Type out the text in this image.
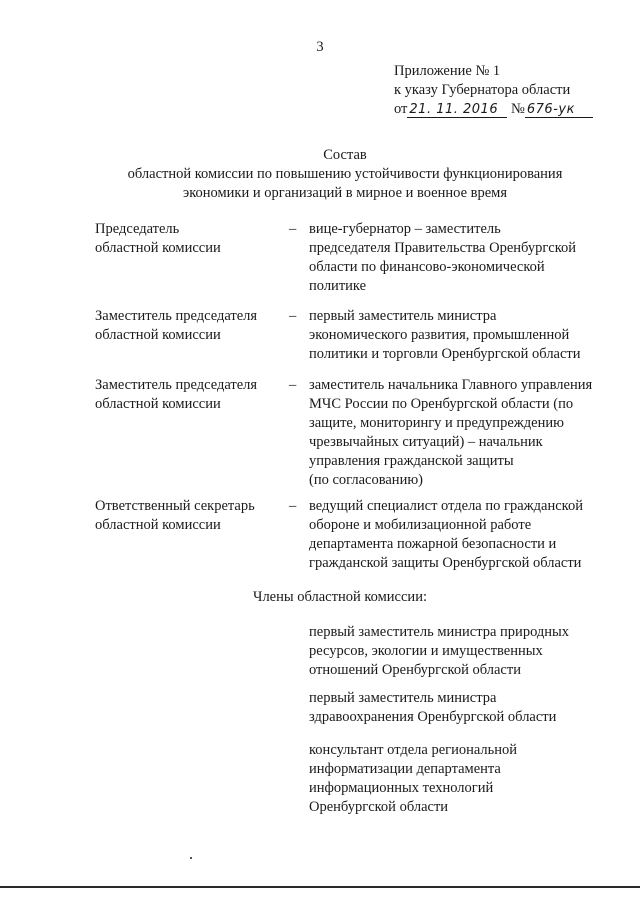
3
Приложение № 1
к указу Губернатора области
от 21. 11. 2016 № 676-ук
Состав
областной комиссии по повышению устойчивости функционирования
экономики и организаций в мирное и военное время
Председатель
областной комиссии
– вице-губернатор – заместитель
председателя Правительства Оренбургской
области по финансово-экономической
политике
Заместитель председателя
областной комиссии
– первый заместитель министра
экономического развития, промышленной
политики и торговли Оренбургской области
Заместитель председателя
областной комиссии
– заместитель начальника Главного управления
МЧС России по Оренбургской области (по
защите, мониторингу и предупреждению
чрезвычайных ситуаций) – начальник
управления гражданской защиты
(по согласованию)
Ответственный секретарь
областной комиссии
– ведущий специалист отдела по гражданской
обороне и мобилизационной работе
департамента пожарной безопасности и
гражданской защиты Оренбургской области
Члены областной комиссии:
первый заместитель министра природных
ресурсов, экологии и имущественных
отношений Оренбургской области
первый заместитель министра
здравоохранения Оренбургской области
консультант отдела региональной
информатизации департамента
информационных технологий
Оренбургской области
